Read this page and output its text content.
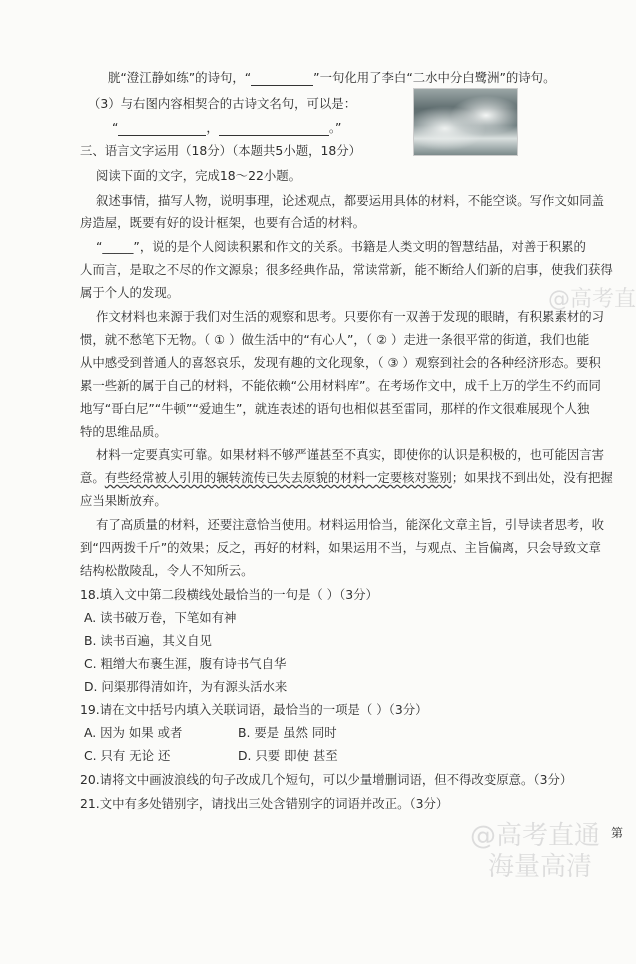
胱“澄江静如练”的诗句，“	”一句化用了李白“二水中分白鹭洲”的诗句。
（3）与右图内容相契合的古诗文名句，可以是：
“	，	。”
三、语言文字运用（18分）（本题共5小题，18分）
阅读下面的文字，完成18～22小题。
叙述事情，描写人物，说明事理，论述观点，都要运用具体的材料，不能空谈。写作文如同盖
房造屋，既要有好的设计框架，也要有合适的材料。
“_____”，说的是个人阅读积累和作文的关系。书籍是人类文明的智慧结晶，对善于积累的
人而言，是取之不尽的作文源泉；很多经典作品，常读常新，能不断给人们新的启事，使我们获得
属于个人的发现。
作文材料也来源于我们对生活的观察和思考。只要你有一双善于发现的眼睛，有积累素材的习
惯，就不愁笔下无物。（ ① ）做生活中的“有心人”，（ ② ）走进一条很平常的街道，我们也能
从中感受到普通人的喜怒哀乐，发现有趣的文化现象，（ ③ ）观察到社会的各种经济形态。要积
累一些新的属于自己的材料，不能依赖“公用材料库”。在考场作文中，成千上万的学生不约而同
地写“哥白尼”“牛顿”“爱迪生”，就连表述的语句也相似甚至雷同，那样的作文很难展现个人独
特的思维品质。
材料一定要真实可靠。如果材料不够严谨甚至不真实，即使你的认识是积极的，也可能因言害
意。有些经常被人引用的辗转流传已失去原貌的材料一定要核对鉴别；如果找不到出处，没有把握
应当果断放弃。
有了高质量的材料，还要注意恰当使用。材料运用恰当，能深化文章主旨，引导读者思考，收
到“四两拨千斤”的效果；反之，再好的材料，如果运用不当，与观点、主旨偏离，只会导致文章
结构松散陵乱，令人不知所云。
18.填入文中第二段横线处最恰当的一句是（ ）（3分）
A. 读书破万卷，下笔如有神
B. 读书百遍，其义自见
C. 粗缯大布裹生涯，腹有诗书气自华
D. 问渠那得清如许，为有源头活水来
19.请在文中括号内填入关联词语，最恰当的一项是（ ）（3分）
A. 因为 如果 或者	B. 要是 虽然 同时
C. 只有 无论 还	D. 只要 即使 甚至
20.请将文中画波浪线的句子改成几个短句，可以少量增删词语，但不得改变原意。（3分）
21.文中有多处错别字，请找出三处含错别字的词语并改正。（3分）
第
@高考直
@高考直通
海量高清
